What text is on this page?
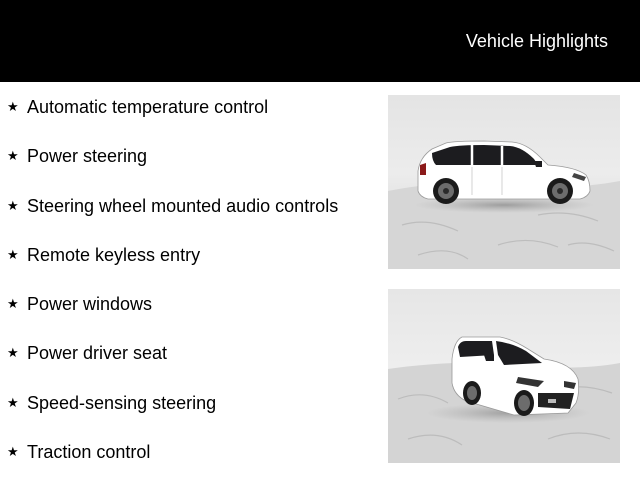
Vehicle Highlights
★ Automatic temperature control
★ Power steering
★ Steering wheel mounted audio controls
★ Remote keyless entry
★ Power windows
★ Power driver seat
★ Speed-sensing steering
★ Traction control
